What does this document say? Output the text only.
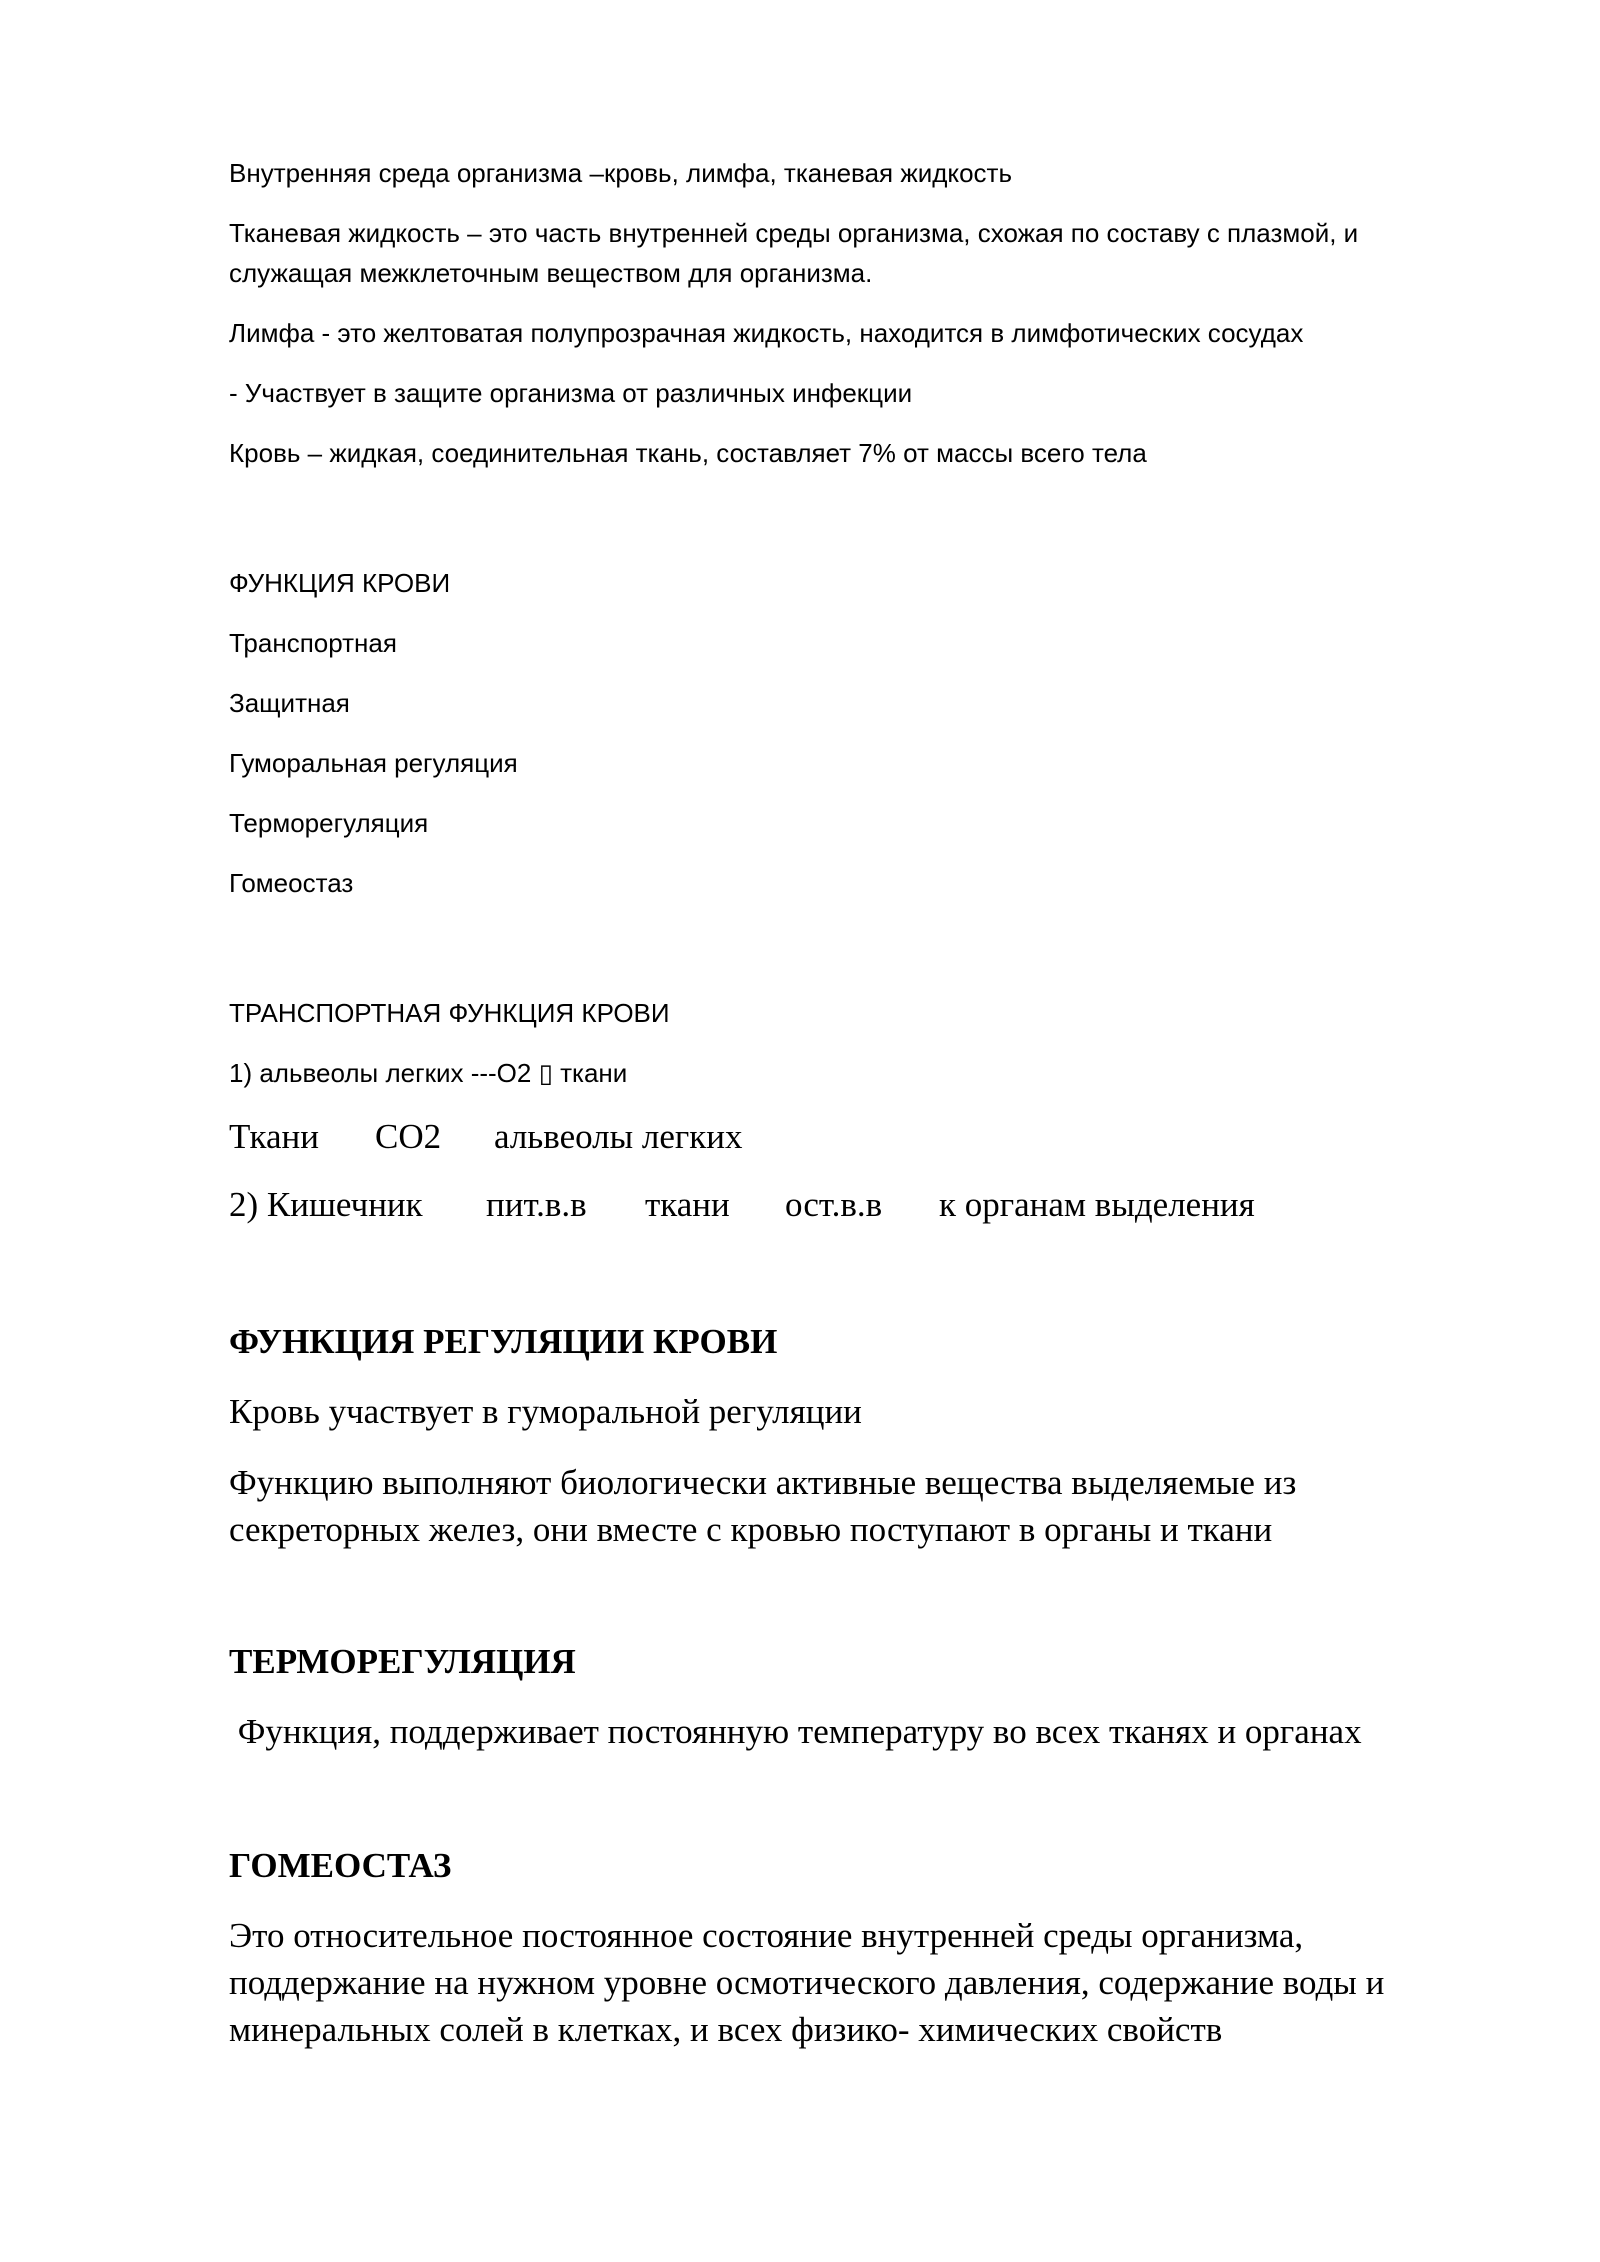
Внутренняя среда организма –кровь, лимфа, тканевая жидкость

Тканевая жидкость – это часть внутренней среды организма, схожая по составу с плазмой, и

служащая межклеточным веществом для организма.

Лимфа - это желтоватая полупрозрачная жидкость, находится в лимфотических сосудах

- Участвует в защите организма от различных инфекции

Кровь – жидкая, соединительная ткань, составляет 7% от массы всего тела

ФУНКЦИЯ КРОВИ

Транспортная

Защитная

Гуморальная регуляция

Терморегуляция

Гомеостаз

ТРАНСПОРТНАЯ ФУНКЦИЯ КРОВИ

1) альвеолы легких ---O2 ▯ ткани

Ткани СО2 альвеолы легких
2) Кишечник пит.в.в ткани ост.в.в к органам выделения

ФУНКЦИЯ РЕГУЛЯЦИИ КРОВИ

Кровь участвует в гуморальной регуляции

Функцию выполняют биологически активные вещества выделяемые из

секреторных желез, они вместе с кровью поступают в органы и ткани

ТЕРМОРЕГУЛЯЦИЯ

Функция, поддерживает постоянную температуру во всех тканях и органах

ГОМЕОСТАЗ

Это относительное постоянное состояние внутренней среды организма,

поддержание на нужном уровне осмотического давления, содержание воды и

минеральных солей в клетках, и всех физико- химических свойств
